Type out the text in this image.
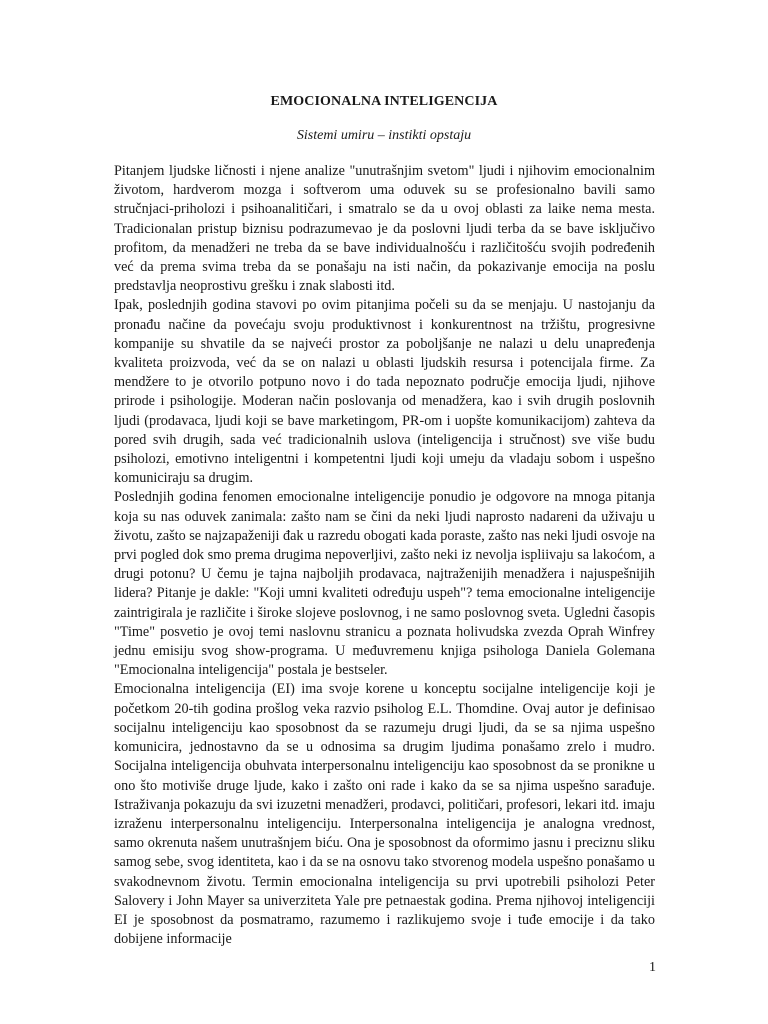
EMOCIONALNA INTELIGENCIJA
Sistemi umiru – instikti opstaju

Pitanjem ljudske ličnosti i njene analize "unutrašnjim svetom" ljudi i njihovim emocionalnim životom, hardverom mozga i softverom uma oduvek su se profesionalno bavili samo stručnjaci-priholozi i psihoanalitičari, i smatralo se da u ovoj oblasti za laike nema mesta. Tradicionalan pristup biznisu podrazumevao je da poslovni ljudi terba da se bave isključivo profitom, da menadžeri ne treba da se bave individualnošću i različitošću svojih podređenih već da prema svima treba da se ponašaju na isti način, da pokazivanje emocija na poslu predstavlja neoprostivu grešku i znak slabosti itd.

Ipak, poslednjih godina stavovi po ovim pitanjima počeli su da se menjaju. U nastojanju da pronađu načine da povećaju svoju produktivnost i konkurentnost na tržištu, progresivne kompanije su shvatile da se najveći prostor za poboljšanje ne nalazi u delu unapređenja kvaliteta proizvoda, već da se on nalazi u oblasti ljudskih resursa i potencijala firme. Za mendžere to je otvorilo potpuno novo i do tada nepoznato područje emocija ljudi, njihove prirode i psihologije. Moderan način poslovanja od menadžera, kao i svih drugih poslovnih ljudi (prodavaca, ljudi koji se bave marketingom, PR-om i uopšte komunikacijom) zahteva da pored svih drugih, sada već tradicionalnih uslova (inteligencija i stručnost) sve više budu psiholozi, emotivno inteligentni i kompetentni ljudi koji umeju da vladaju sobom i uspešno komuniciraju sa drugim.

Poslednjih godina fenomen emocionalne inteligencije ponudio je odgovore na mnoga pitanja koja su nas oduvek zanimala: zašto nam se čini da neki ljudi naprosto nadareni da uživaju u životu, zašto se najzapaženiji đak u razredu obogati kada poraste, zašto nas neki ljudi osvoje na prvi pogled dok smo prema drugima nepoverljivi, zašto neki iz nevolja ispliivaju sa lakoćom, a drugi potonu? U čemu je tajna najboljih prodavaca, najtraženijih menadžera i najuspešnijih lidera? Pitanje je dakle: "Koji umni kvaliteti određuju uspeh"? tema emocionalne inteligencije zaintrigirala je različite i široke slojeve poslovnog, i ne samo poslovnog sveta. Ugledni časopis "Time" posvetio je ovoj temi naslovnu stranicu a poznata holivudska zvezda Oprah Winfrey jednu emisiju svog show-programa. U međuvremenu knjiga psihologa Daniela Golemana "Emocionalna inteligencija" postala je bestseler.

Emocionalna inteligencija (EI) ima svoje korene u konceptu socijalne inteligencije koji je početkom 20-tih godina prošlog veka razvio psiholog E.L. Thomdine. Ovaj autor je definisao socijalnu inteligenciju kao sposobnost da se razumeju drugi ljudi, da se sa njima uspešno komunicira, jednostavno da se u odnosima sa drugim ljudima ponašamo zrelo i mudro. Socijalna inteligencija obuhvata interpersonalnu inteligenciju kao sposobnost da se pronikne u ono što motiviše druge ljude, kako i zašto oni rade i kako da se sa njima uspešno sarađuje. Istraživanja pokazuju da svi izuzetni menadžeri, prodavci, političari, profesori, lekari itd. imaju izraženu interpersonalnu inteligenciju. Interpersonalna inteligencija je analogna vrednost, samo okrenuta našem unutrašnjem biću. Ona je sposobnost da oformimo jasnu i preciznu sliku samog sebe, svog identiteta, kao i da se na osnovu tako stvorenog modela uspešno ponašamo u svakodnevnom životu. Termin emocionalna inteligencija su prvi upotrebili psiholozi Peter Salovery i John Mayer sa univerziteta Yale pre petnaestak godina. Prema njihovoj inteligenciji EI je sposobnost da posmatramo, razumemo i razlikujemo svoje i tuđe emocije i da tako dobijene informacije

1
